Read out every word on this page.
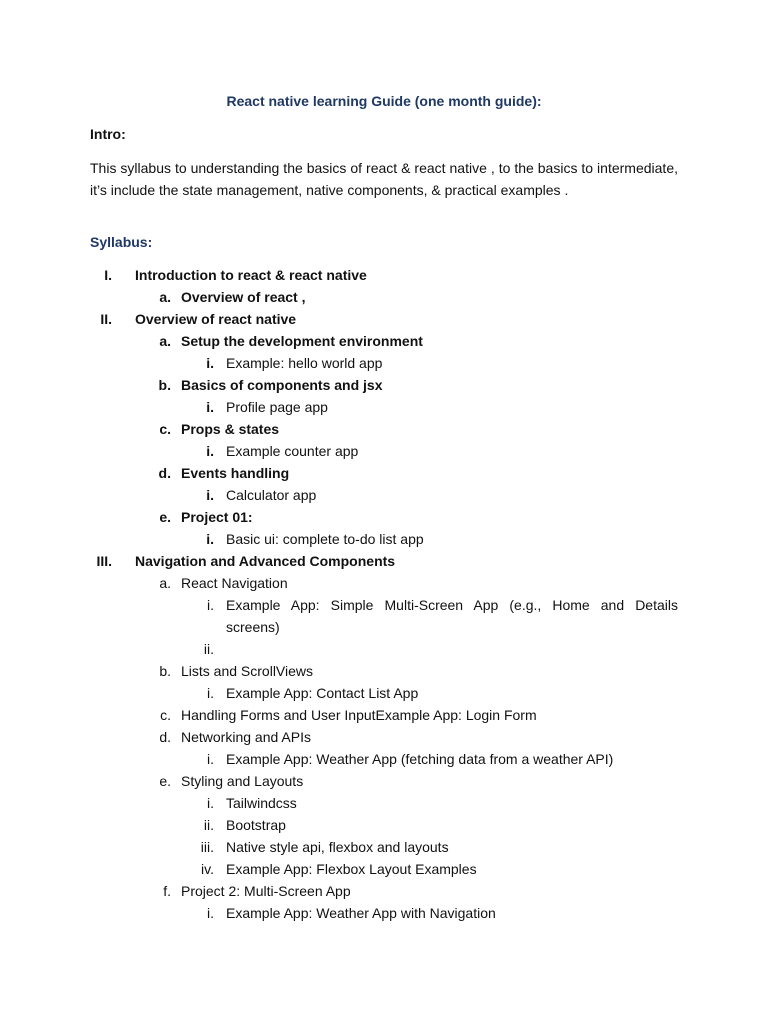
React native learning Guide (one month guide):
Intro:
This syllabus to understanding the basics of react & react native , to the basics to intermediate, it’s include the state management, native components, & practical examples .
Syllabus:
I. Introduction to react & react native
a. Overview of react ,
II. Overview of react native
a. Setup the development environment
i. Example: hello world app
b. Basics of components and jsx
i. Profile page app
c. Props & states
i. Example counter app
d. Events handling
i. Calculator app
e. Project 01:
i. Basic ui: complete to-do list app
III. Navigation and Advanced Components
a. React Navigation
i. Example App: Simple Multi-Screen App (e.g., Home and Details screens)
ii.
b. Lists and ScrollViews
i. Example App: Contact List App
c. Handling Forms and User InputExample App: Login Form
d. Networking and APIs
i. Example App: Weather App (fetching data from a weather API)
e. Styling and Layouts
i. Tailwindcss
ii. Bootstrap
iii. Native style api, flexbox and layouts
iv. Example App: Flexbox Layout Examples
f. Project 2: Multi-Screen App
i. Example App: Weather App with Navigation
